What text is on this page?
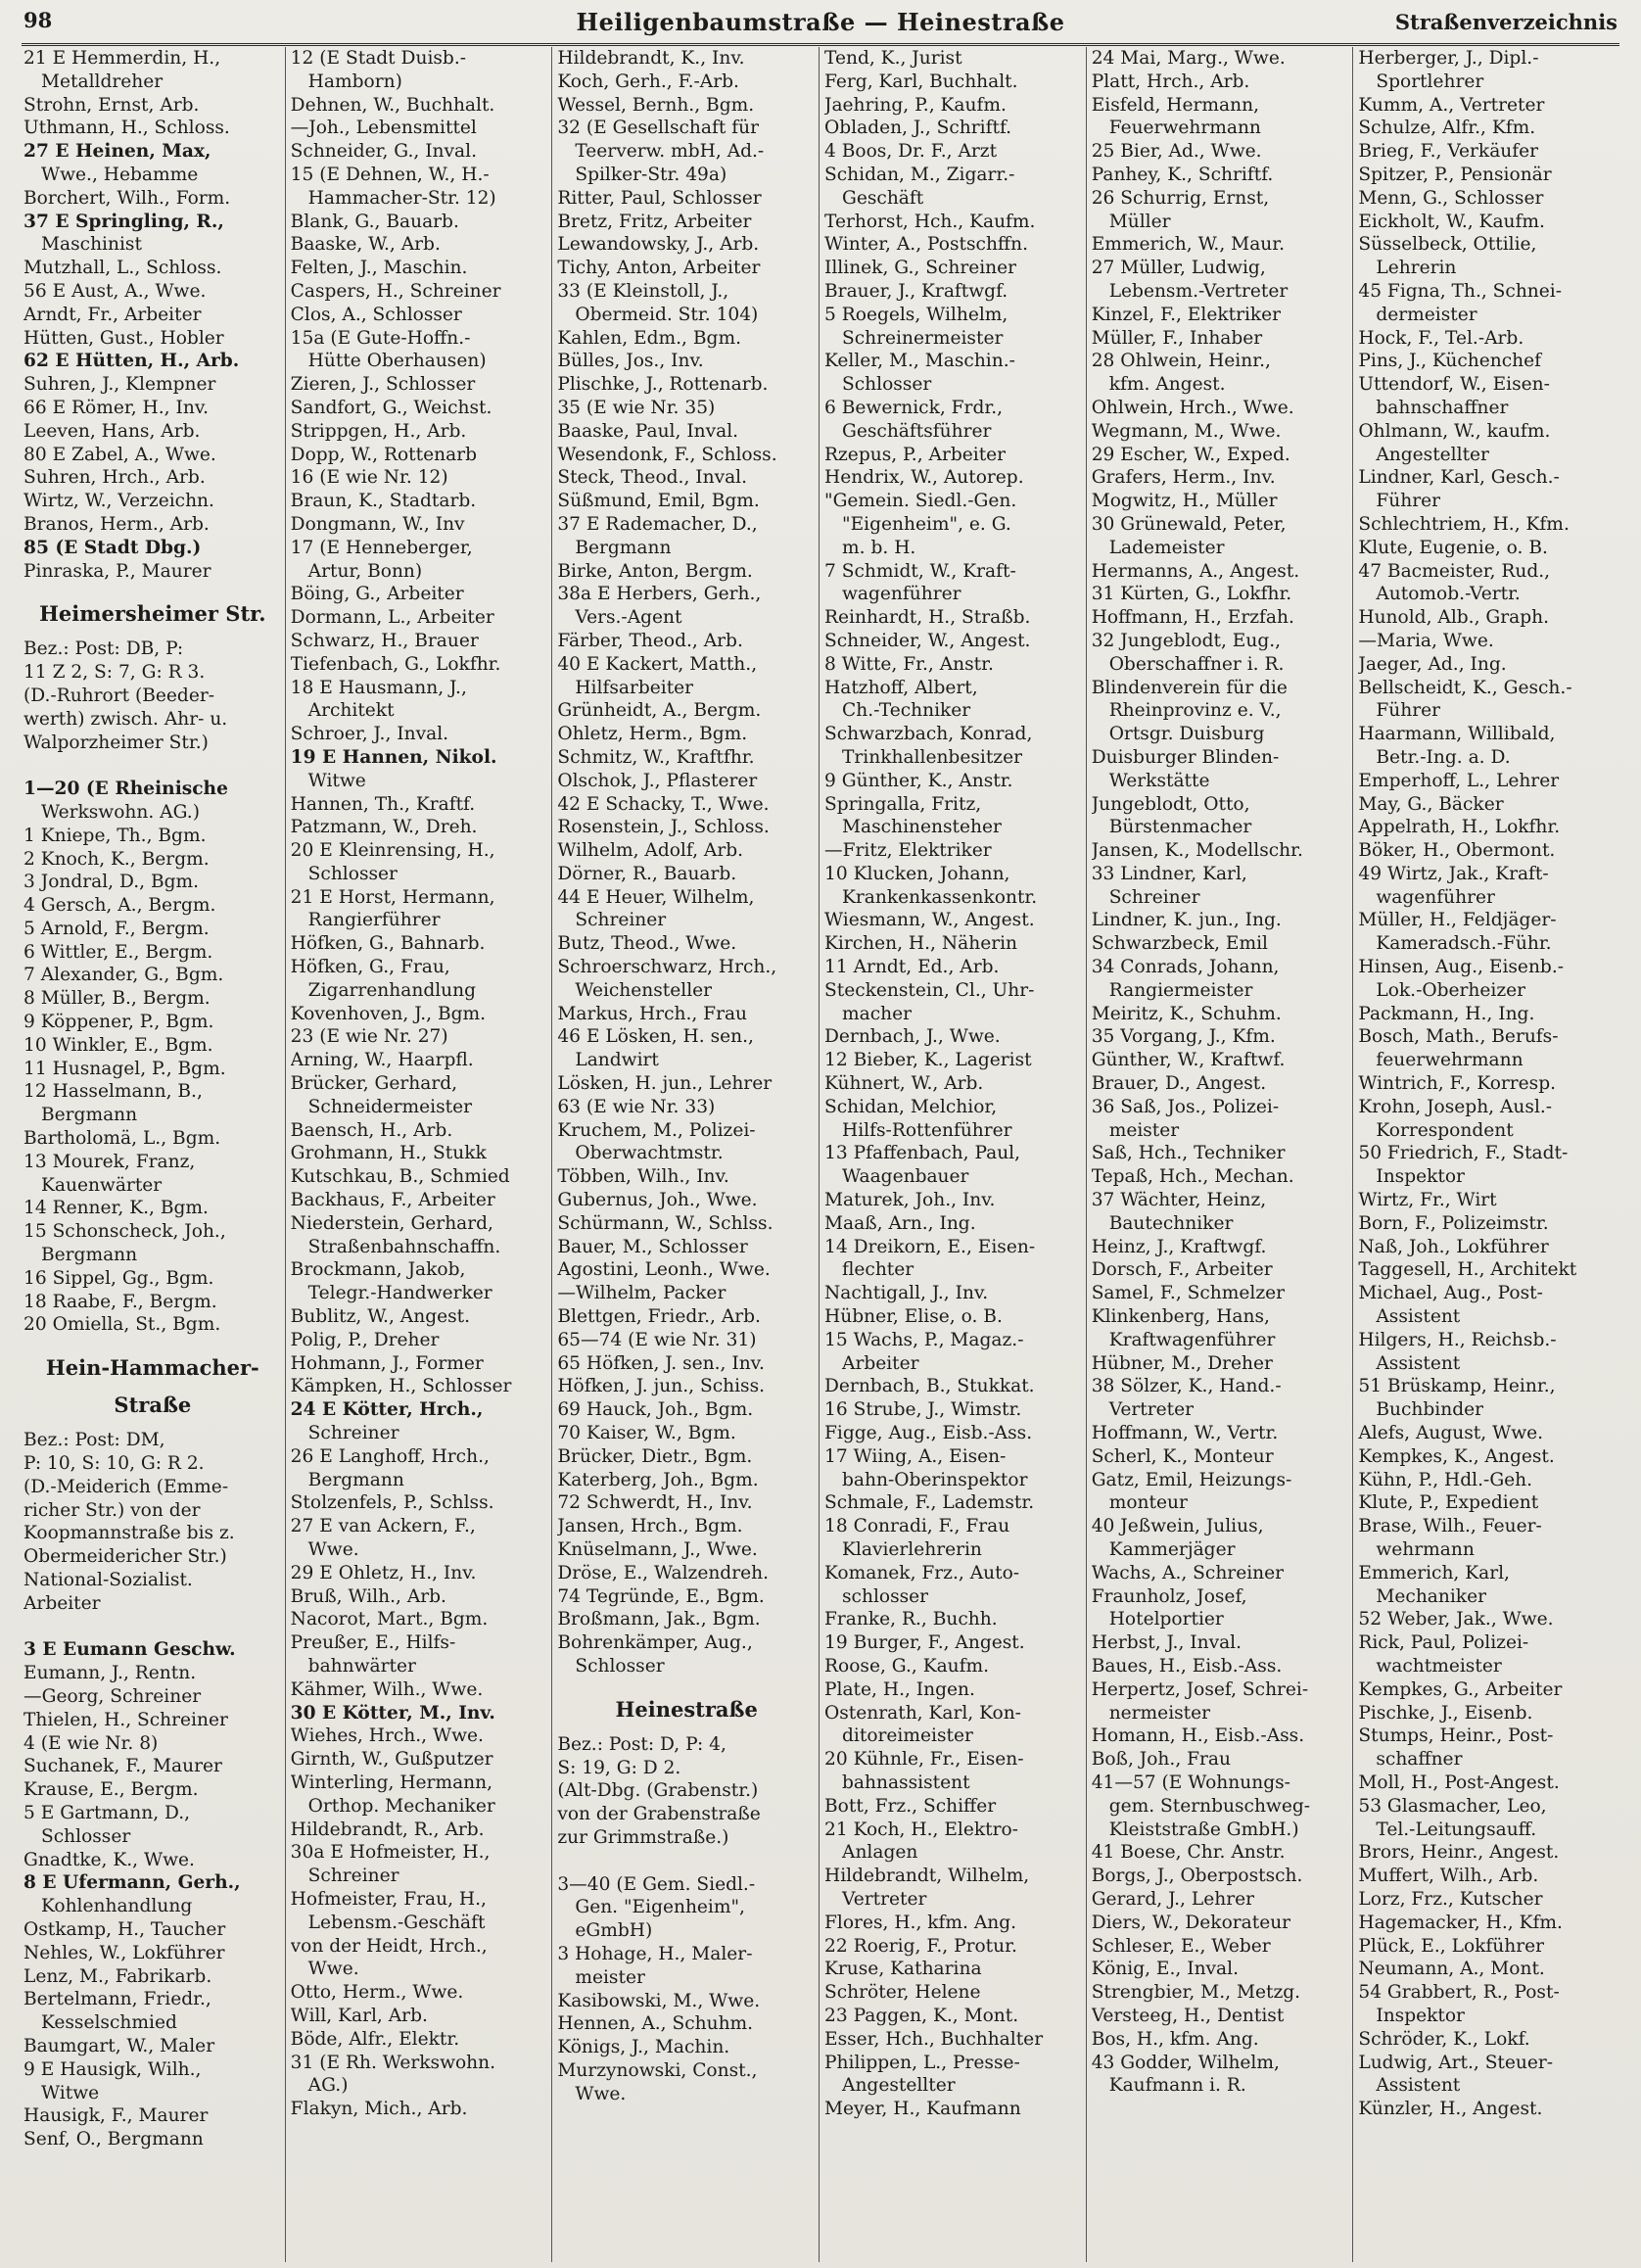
98	Heiligenbaumstraße — Heinestraße	Straßenverzeichnis
21 E Hemmerdin, H.,
Metalldreher
Strohn, Ernst, Arb.
Uthmann, H., Schloss.
27 E Heinen, Max,
Wwe., Hebamme
Borchert, Wilh., Form.
37 E Springling, R.,
Maschinist
Mutzhall, L., Schloss.
56 E Aust, A., Wwe.
Arndt, Fr., Arbeiter
Hütten, Gust., Hobler
62 E Hütten, H., Arb.
Suhren, J., Klempner
66 E Römer, H., Inv.
Leeven, Hans, Arb.
80 E Zabel, A., Wwe.
Suhren, Hrch., Arb.
Wirtz, W., Verzeichn.
Branos, Herm., Arb.
85 (E Stadt Dbg.)
Pinraska, P., Maurer
Heimersheimer Str.
Bez.: Post: DB, P:
11 Z 2, S: 7, G: R 3.
(D.-Ruhrort (Beeder-
werth) zwisch. Ahr- u.
Walporzheimer Str.)
1—20 (E Rheinische
Werkswohn. AG.)
1 Kniepe, Th., Bgm.
2 Knoch, K., Bergm.
3 Jondral, D., Bgm.
4 Gersch, A., Bergm.
5 Arnold, F., Bergm.
6 Wittler, E., Bergm.
7 Alexander, G., Bgm.
8 Müller, B., Bergm.
9 Köppener, P., Bgm.
10 Winkler, E., Bgm.
11 Husnagel, P., Bgm.
12 Hasselmann, B.,
Bergmann
Bartholomä, L., Bgm.
13 Mourek, Franz,
Kauenwärter
14 Renner, K., Bgm.
15 Schonscheck, Joh.,
Bergmann
16 Sippel, Gg., Bgm.
18 Raabe, F., Bergm.
20 Omiella, St., Bgm.
Hein-Hammacher-
Straße
Bez.: Post: DM,
P: 10, S: 10, G: R 2.
(D.-Meiderich (Emme-
richer Str.) von der
Koopmannstraße bis z.
Obermeidericher Str.)
National-Sozialist.
Arbeiter
3 E Eumann Geschw.
Eumann, J., Rentn.
—Georg, Schreiner
Thielen, H., Schreiner
4 (E wie Nr. 8)
Suchanek, F., Maurer
Krause, E., Bergm.
5 E Gartmann, D.,
Schlosser
Gnadtke, K., Wwe.
8 E Ufermann, Gerh.,
Kohlenhandlung
Ostkamp, H., Taucher
Nehles, W., Lokführer
Lenz, M., Fabrikarb.
Bertelmann, Friedr.,
Kesselschmied
Baumgart, W., Maler
9 E Hausigk, Wilh.,
Witwe
Hausigk, F., Maurer
Senf, O., Bergmann
12 (E Stadt Duisb.-
Hamborn)
Dehnen, W., Buchhalt.
—Joh., Lebensmittel
Schneider, G., Inval.
15 (E Dehnen, W., H.-
Hammacher-Str. 12)
Blank, G., Bauarb.
Baaske, W., Arb.
Felten, J., Maschin.
Caspers, H., Schreiner
Clos, A., Schlosser
15a (E Gute-Hoffn.-
Hütte Oberhausen)
Zieren, J., Schlosser
Sandfort, G., Weichst.
Strippgen, H., Arb.
Dopp, W., Rottenarb
16 (E wie Nr. 12)
Braun, K., Stadtarb.
Dongmann, W., Inv
17 (E Henneberger,
Artur, Bonn)
Böing, G., Arbeiter
Dormann, L., Arbeiter
Schwarz, H., Brauer
Tiefenbach, G., Lokfhr.
18 E Hausmann, J.,
Architekt
Schroer, J., Inval.
19 E Hannen, Nikol.
Witwe
Hannen, Th., Kraftf.
Patzmann, W., Dreh.
20 E Kleinrensing, H.,
Schlosser
21 E Horst, Hermann,
Rangierführer
Höfken, G., Bahnarb.
Höfken, G., Frau,
Zigarrenhandlung
Kovenhoven, J., Bgm.
23 (E wie Nr. 27)
Arning, W., Haarpfl.
Brücker, Gerhard,
Schneidermeister
Baensch, H., Arb.
Grohmann, H., Stukk
Kutschkau, B., Schmied
Backhaus, F., Arbeiter
Niederstein, Gerhard,
Straßenbahnschaffn.
Brockmann, Jakob,
Telegr.-Handwerker
Bublitz, W., Angest.
Polig, P., Dreher
Hohmann, J., Former
Kämpken, H., Schlosser
24 E Kötter, Hrch.,
Schreiner
26 E Langhoff, Hrch.,
Bergmann
Stolzenfels, P., Schlss.
27 E van Ackern, F.,
Wwe.
29 E Ohletz, H., Inv.
Bruß, Wilh., Arb.
Nacorot, Mart., Bgm.
Preußer, E., Hilfs-
bahnwärter
Kähmer, Wilh., Wwe.
30 E Kötter, M., Inv.
Wiehes, Hrch., Wwe.
Girnth, W., Gußputzer
Winterling, Hermann,
Orthop. Mechaniker
Hildebrandt, R., Arb.
30a E Hofmeister, H.,
Schreiner
Hofmeister, Frau, H.,
Lebensm.-Geschäft
von der Heidt, Hrch.,
Wwe.
Otto, Herm., Wwe.
Will, Karl, Arb.
Böde, Alfr., Elektr.
31 (E Rh. Werkswohn.
AG.)
Flakyn, Mich., Arb.
Hildebrandt, K., Inv.
Koch, Gerh., F.-Arb.
Wessel, Bernh., Bgm.
32 (E Gesellschaft für
Teerverw. mbH, Ad.-
Spilker-Str. 49a)
Ritter, Paul, Schlosser
Bretz, Fritz, Arbeiter
Lewandowsky, J., Arb.
Tichy, Anton, Arbeiter
33 (E Kleinstoll, J.,
Obermeid. Str. 104)
Kahlen, Edm., Bgm.
Bülles, Jos., Inv.
Plischke, J., Rottenarb.
35 (E wie Nr. 35)
Baaske, Paul, Inval.
Wesendonk, F., Schloss.
Steck, Theod., Inval.
Süßmund, Emil, Bgm.
37 E Rademacher, D.,
Bergmann
Birke, Anton, Bergm.
38a E Herbers, Gerh.,
Vers.-Agent
Färber, Theod., Arb.
40 E Kackert, Matth.,
Hilfsarbeiter
Grünheidt, A., Bergm.
Ohletz, Herm., Bgm.
Schmitz, W., Kraftfhr.
Olschok, J., Pflasterer
42 E Schacky, T., Wwe.
Rosenstein, J., Schloss.
Wilhelm, Adolf, Arb.
Dörner, R., Bauarb.
44 E Heuer, Wilhelm,
Schreiner
Butz, Theod., Wwe.
Schroerschwarz, Hrch.,
Weichensteller
Markus, Hrch., Frau
46 E Lösken, H. sen.,
Landwirt
Lösken, H. jun., Lehrer
63 (E wie Nr. 33)
Kruchem, M., Polizei-
Oberwachtmstr.
Többen, Wilh., Inv.
Gubernus, Joh., Wwe.
Schürmann, W., Schlss.
Bauer, M., Schlosser
Agostini, Leonh., Wwe.
—Wilhelm, Packer
Blettgen, Friedr., Arb.
65—74 (E wie Nr. 31)
65 Höfken, J. sen., Inv.
Höfken, J. jun., Schiss.
69 Hauck, Joh., Bgm.
70 Kaiser, W., Bgm.
Brücker, Dietr., Bgm.
Katerberg, Joh., Bgm.
72 Schwerdt, H., Inv.
Jansen, Hrch., Bgm.
Knüselmann, J., Wwe.
Dröse, E., Walzendreh.
74 Tegründe, E., Bgm.
Broßmann, Jak., Bgm.
Bohrenkämper, Aug.,
Schlosser
Heinestraße
Bez.: Post: D, P: 4,
S: 19, G: D 2.
(Alt-Dbg. (Grabenstr.)
von der Grabenstraße
zur Grimmstraße.)
3—40 (E Gem. Siedl.-
Gen. "Eigenheim",
eGmbH)
3 Hohage, H., Maler-
meister
Kasibowski, M., Wwe.
Hennen, A., Schuhm.
Königs, J., Machin.
Murzynowski, Const.,
Wwe.
Tend, K., Jurist
Ferg, Karl, Buchhalt.
Jaehring, P., Kaufm.
Obladen, J., Schriftf.
4 Boos, Dr. F., Arzt
Schidan, M., Zigarr.-
Geschäft
Terhorst, Hch., Kaufm.
Winter, A., Postschffn.
Illinek, G., Schreiner
Brauer, J., Kraftwgf.
5 Roegels, Wilhelm,
Schreinermeister
Keller, M., Maschin.-
Schlosser
6 Bewernick, Frdr.,
Geschäftsführer
Rzepus, P., Arbeiter
Hendrix, W., Autorep.
"Gemein. Siedl.-Gen.
"Eigenheim", e. G.
m. b. H.
7 Schmidt, W., Kraft-
wagenführer
Reinhardt, H., Straßb.
Schneider, W., Angest.
8 Witte, Fr., Anstr.
Hatzhoff, Albert,
Ch.-Techniker
Schwarzbach, Konrad,
Trinkhallenbesitzer
9 Günther, K., Anstr.
Springalla, Fritz,
Maschinensteher
—Fritz, Elektriker
10 Klucken, Johann,
Krankenkassenkontr.
Wiesmann, W., Angest.
Kirchen, H., Näherin
11 Arndt, Ed., Arb.
Steckenstein, Cl., Uhr-
macher
Dernbach, J., Wwe.
12 Bieber, K., Lagerist
Kühnert, W., Arb.
Schidan, Melchior,
Hilfs-Rottenführer
13 Pfaffenbach, Paul,
Waagenbauer
Maturek, Joh., Inv.
Maaß, Arn., Ing.
14 Dreikorn, E., Eisen-
flechter
Nachtigall, J., Inv.
Hübner, Elise, o. B.
15 Wachs, P., Magaz.-
Arbeiter
Dernbach, B., Stukkat.
16 Strube, J., Wimstr.
Figge, Aug., Eisb.-Ass.
17 Wiing, A., Eisen-
bahn-Oberinspektor
Schmale, F., Lademstr.
18 Conradi, F., Frau
Klavierlehrerin
Komanek, Frz., Auto-
schlosser
Franke, R., Buchh.
19 Burger, F., Angest.
Roose, G., Kaufm.
Plate, H., Ingen.
Ostenrath, Karl, Kon-
ditoreimeister
20 Kühnle, Fr., Eisen-
bahnassistent
Bott, Frz., Schiffer
21 Koch, H., Elektro-
Anlagen
Hildebrandt, Wilhelm,
Vertreter
Flores, H., kfm. Ang.
22 Roerig, F., Protur.
Kruse, Katharina
Schröter, Helene
23 Paggen, K., Mont.
Esser, Hch., Buchhalter
Philippen, L., Presse-
Angestellter
Meyer, H., Kaufmann
24 Mai, Marg., Wwe.
Platt, Hrch., Arb.
Eisfeld, Hermann,
Feuerwehrmann
25 Bier, Ad., Wwe.
Panhey, K., Schriftf.
26 Schurrig, Ernst,
Müller
Emmerich, W., Maur.
27 Müller, Ludwig,
Lebensm.-Vertreter
Kinzel, F., Elektriker
Müller, F., Inhaber
28 Ohlwein, Heinr.,
kfm. Angest.
Ohlwein, Hrch., Wwe.
Wegmann, M., Wwe.
29 Escher, W., Exped.
Grafers, Herm., Inv.
Mogwitz, H., Müller
30 Grünewald, Peter,
Lademeister
Hermanns, A., Angest.
31 Kürten, G., Lokfhr.
Hoffmann, H., Erzfah.
32 Jungeblodt, Eug.,
Oberschaffner i. R.
Blindenverein für die
Rheinprovinz e. V.,
Ortsgr. Duisburg
Duisburger Blinden-
Werkstätte
Jungeblodt, Otto,
Bürstenmacher
Jansen, K., Modellschr.
33 Lindner, Karl,
Schreiner
Lindner, K. jun., Ing.
Schwarzbeck, Emil
34 Conrads, Johann,
Rangiermeister
Meiritz, K., Schuhm.
35 Vorgang, J., Kfm.
Günther, W., Kraftwf.
Brauer, D., Angest.
36 Saß, Jos., Polizei-
meister
Saß, Hch., Techniker
Tepaß, Hch., Mechan.
37 Wächter, Heinz,
Bautechniker
Heinz, J., Kraftwgf.
Dorsch, F., Arbeiter
Samel, F., Schmelzer
Klinkenberg, Hans,
Kraftwagenführer
Hübner, M., Dreher
38 Sölzer, K., Hand.-
Vertreter
Hoffmann, W., Vertr.
Scherl, K., Monteur
Gatz, Emil, Heizungs-
monteur
40 Jeßwein, Julius,
Kammerjäger
Wachs, A., Schreiner
Fraunholz, Josef,
Hotelportier
Herbst, J., Inval.
Baues, H., Eisb.-Ass.
Herpertz, Josef, Schrei-
nermeister
Homann, H., Eisb.-Ass.
Boß, Joh., Frau
41—57 (E Wohnungs-
gem. Sternbuschweg-
Kleiststraße GmbH.)
41 Boese, Chr. Anstr.
Borgs, J., Oberpostsch.
Gerard, J., Lehrer
Diers, W., Dekorateur
Schleser, E., Weber
König, E., Inval.
Strengbier, M., Metzg.
Versteeg, H., Dentist
Bos, H., kfm. Ang.
43 Godder, Wilhelm,
Kaufmann i. R.
Herberger, J., Dipl.-
Sportlehrer
Kumm, A., Vertreter
Schulze, Alfr., Kfm.
Brieg, F., Verkäufer
Spitzer, P., Pensionär
Menn, G., Schlosser
Eickholt, W., Kaufm.
Süsselbeck, Ottilie,
Lehrerin
45 Figna, Th., Schnei-
dermeister
Hock, F., Tel.-Arb.
Pins, J., Küchenchef
Uttendorf, W., Eisen-
bahnschaffner
Ohlmann, W., kaufm.
Angestellter
Lindner, Karl, Gesch.-
Führer
Schlechtriem, H., Kfm.
Klute, Eugenie, o. B.
47 Bacmeister, Rud.,
Automob.-Vertr.
Hunold, Alb., Graph.
—Maria, Wwe.
Jaeger, Ad., Ing.
Bellscheidt, K., Gesch.-
Führer
Haarmann, Willibald,
Betr.-Ing. a. D.
Emperhoff, L., Lehrer
May, G., Bäcker
Appelrath, H., Lokfhr.
Böker, H., Obermont.
49 Wirtz, Jak., Kraft-
wagenführer
Müller, H., Feldjäger-
Kameradsch.-Führ.
Hinsen, Aug., Eisenb.-
Lok.-Oberheizer
Packmann, H., Ing.
Bosch, Math., Berufs-
feuerwehrmann
Wintrich, F., Korresp.
Krohn, Joseph, Ausl.-
Korrespondent
50 Friedrich, F., Stadt-
Inspektor
Wirtz, Fr., Wirt
Born, F., Polizeimstr.
Naß, Joh., Lokführer
Taggesell, H., Architekt
Michael, Aug., Post-
Assistent
Hilgers, H., Reichsb.-
Assistent
51 Brüskamp, Heinr.,
Buchbinder
Alefs, August, Wwe.
Kempkes, K., Angest.
Kühn, P., Hdl.-Geh.
Klute, P., Expedient
Brase, Wilh., Feuer-
wehrmann
Emmerich, Karl,
Mechaniker
52 Weber, Jak., Wwe.
Rick, Paul, Polizei-
wachtmeister
Kempkes, G., Arbeiter
Pischke, J., Eisenb.
Stumps, Heinr., Post-
schaffner
Moll, H., Post-Angest.
53 Glasmacher, Leo,
Tel.-Leitungsauff.
Brors, Heinr., Angest.
Muffert, Wilh., Arb.
Lorz, Frz., Kutscher
Hagemacker, H., Kfm.
Plück, E., Lokführer
Neumann, A., Mont.
54 Grabbert, R., Post-
Inspektor
Schröder, K., Lokf.
Ludwig, Art., Steuer-
Assistent
Künzler, H., Angest.
